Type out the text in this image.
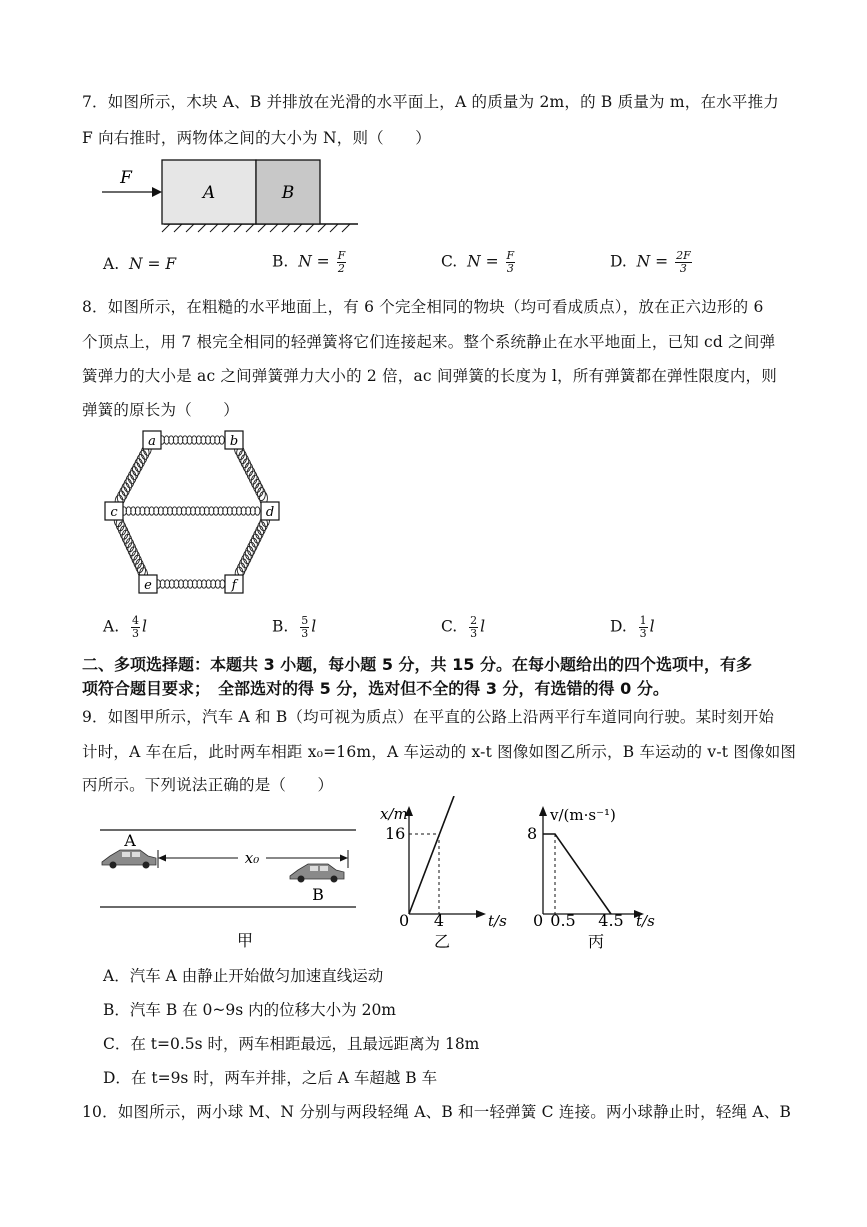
7．如图所示，木块 A、B 并排放在光滑的水平面上，A 的质量为 2m，的 B 质量为 m，在水平推力
F 向右推时，两物体之间的大小为 N，则（　　）
A	B
F
A. N = F	B. $N = \frac{F}{2}$	C. $N = \frac{F}{3}$	D. $N = \frac{2F}{3}$
8．如图所示，在粗糙的水平地面上，有 6 个完全相同的物块（均可看成质点），放在正六边形的 6
个顶点上，用 7 根完全相同的轻弹簧将它们连接起来。整个系统静止在水平地面上，已知 cd 之间弹
簧弹力的大小是 ac 之间弹簧弹力大小的 2 倍，ac 间弹簧的长度为 l，所有弹簧都在弹性限度内，则
弹簧的原长为（　　）
a	b
c	d
e	f
A. $\frac{4}{3}$ l	B. $\frac{5}{3}$ l	C. $\frac{2}{3}$ l	D. $\frac{1}{3}$ l
二、多项选择题：本题共 3 小题，每小题 5 分，共 15 分。在每小题给出的四个选项中，有多
项符合题目要求；　全部选对的得 5 分，选对但不全的得 3 分，有选错的得 0 分。
9．如图甲所示，汽车 A 和 B（均可视为质点）在平直的公路上沿两平行车道同向行驶。某时刻开始
计时，A 车在后，此时两车相距 x₀=16m，A 车运动的 x-t 图像如图乙所示，B 车运动的 v-t 图像如图
丙所示。下列说法正确的是（　　）
A
B
x₀
甲
x/m
16
0 4	t/s
乙
v/(m·s⁻¹)
8
0 0.5 4.5 t/s
丙
A．汽车 A 由静止开始做匀加速直线运动
B．汽车 B 在 0~9s 内的位移大小为 20m
C．在 t=0.5s 时，两车相距最远，且最远距离为 18m
D．在 t=9s 时，两车并排，之后 A 车超越 B 车
10．如图所示，两小球 M、N 分别与两段轻绳 A、B 和一轻弹簧 C 连接。两小球静止时，轻绳 A、B
